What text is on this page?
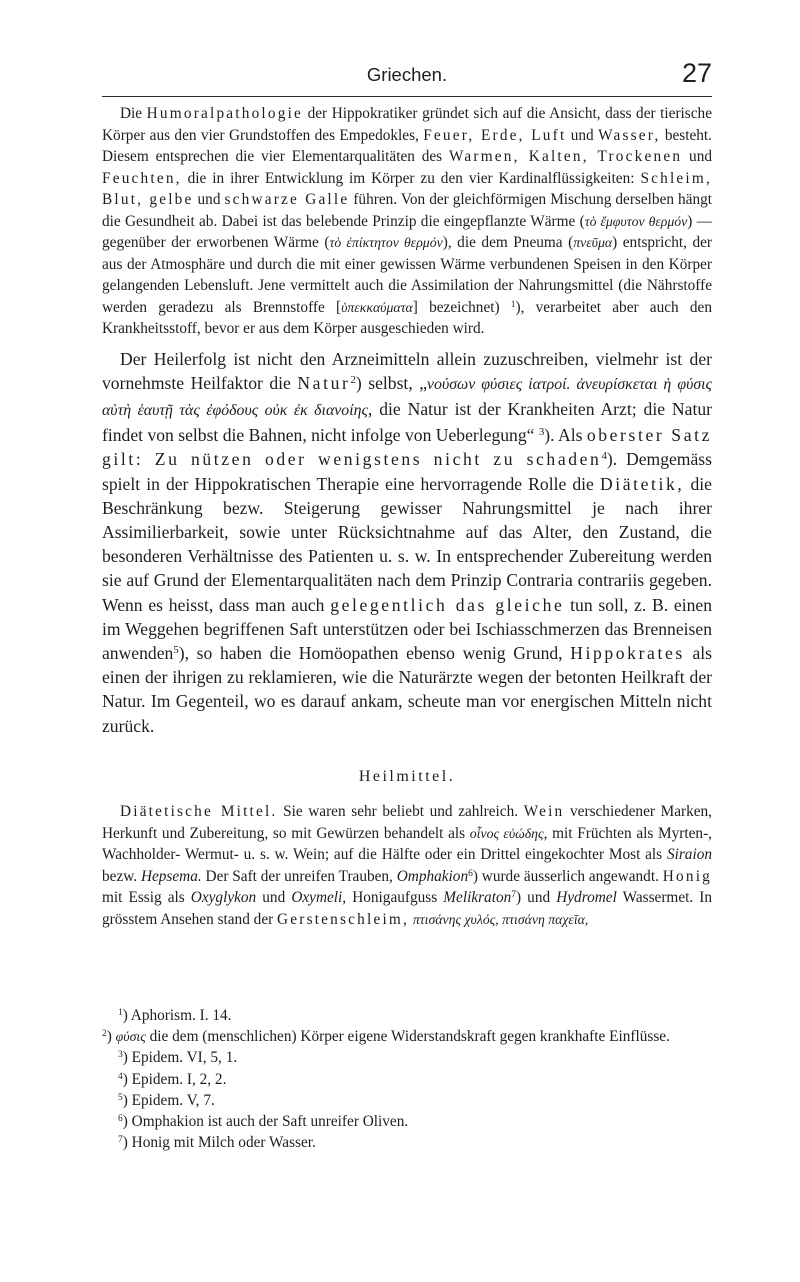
Griechen.	27

Die Humoralpathologie der Hippokratiker gründet sich auf die Ansicht, dass der tierische Körper aus den vier Grundstoffen des Empedokles, Feuer, Erde, Luft und Wasser, besteht. Diesem entsprechen die vier Elementarqualitäten des Warmen, Kalten, Trockenen und Feuchten, die in ihrer Entwicklung im Körper zu den vier Kardinalflüssigkeiten: Schleim, Blut, gelbe und schwarze Galle führen. Von der gleichförmigen Mischung derselben hängt die Gesundheit ab. Dabei ist das belebende Prinzip die eingepflanzte Wärme (τὸ ἔμφυτον θερμόν) — gegenüber der erworbenen Wärme (τὸ ἐπίκτητον θερμόν), die dem Pneuma (πνεῦμα) entspricht, der aus der Atmosphäre und durch die mit einer gewissen Wärme verbundenen Speisen in den Körper gelangenden Lebensluft. Jene vermittelt auch die Assimilation der Nahrungsmittel (die Nährstoffe werden geradezu als Brennstoffe [ὑπεκκαύματα] bezeichnet) $^1$), verarbeitet aber auch den Krankheitsstoff, bevor er aus dem Körper ausgeschieden wird.

Der Heilerfolg ist nicht den Arzneimitteln allein zuzuschreiben, vielmehr ist der vornehmste Heilfaktor die Natur$^2$) selbst, „νούσων φύσιες ἰατροί. ἀνευρίσκεται ἡ φύσις αὐτὴ ἑαυτῇ τὰς ἐφόδους οὐκ ἐκ διανοίης, die Natur ist der Krankheiten Arzt; die Natur findet von selbst die Bahnen, nicht infolge von Ueberlegung“ $^3$). Als oberster Satz gilt: Zu nützen oder wenigstens nicht zu schaden$^4$). Demgemäss spielt in der Hippokratischen Therapie eine hervorragende Rolle die Diätetik, die Beschränkung bezw. Steigerung gewisser Nahrungsmittel je nach ihrer Assimilierbarkeit, sowie unter Rücksichtnahme auf das Alter, den Zustand, die besonderen Verhältnisse des Patienten u. s. w. In entsprechender Zubereitung werden sie auf Grund der Elementarqualitäten nach dem Prinzip Contraria contrariis gegeben. Wenn es heisst, dass man auch gelegentlich das gleiche tun soll, z. B. einen im Weggehen begriffenen Saft unterstützen oder bei Ischiasschmerzen das Brenneisen anwenden$^5$), so haben die Homöopathen ebenso wenig Grund, Hippokrates als einen der ihrigen zu reklamieren, wie die Naturärzte wegen der betonten Heilkraft der Natur. Im Gegenteil, wo es darauf ankam, scheute man vor energischen Mitteln nicht zurück.

Heilmittel.

Diätetische Mittel. Sie waren sehr beliebt und zahlreich. Wein verschiedener Marken, Herkunft und Zubereitung, so mit Gewürzen behandelt als οἶνος εὐώδης, mit Früchten als Myrten-, Wachholder- Wermut- u. s. w. Wein; auf die Hälfte oder ein Drittel eingekochter Most als Siraion bezw. Hepsema. Der Saft der unreifen Trauben, Omphakion$^6$) wurde äusserlich angewandt. Honig mit Essig als Oxyglykon und Oxymeli, Honigaufguss Melikraton$^7$) und Hydromel Wassermet. In grösstem Ansehen stand der Gerstenschleim, πτισάνης χυλός, πτισάνη παχεῖα,

$^1$) Aphorism. I. 14.

$^2$) φύσις die dem (menschlichen) Körper eigene Widerstandskraft gegen krankhafte Einflüsse.

$^3$) Epidem. VI, 5, 1.

$^4$) Epidem. I, 2, 2.

$^5$) Epidem. V, 7.

$^6$) Omphakion ist auch der Saft unreifer Oliven.

$^7$) Honig mit Milch oder Wasser.
